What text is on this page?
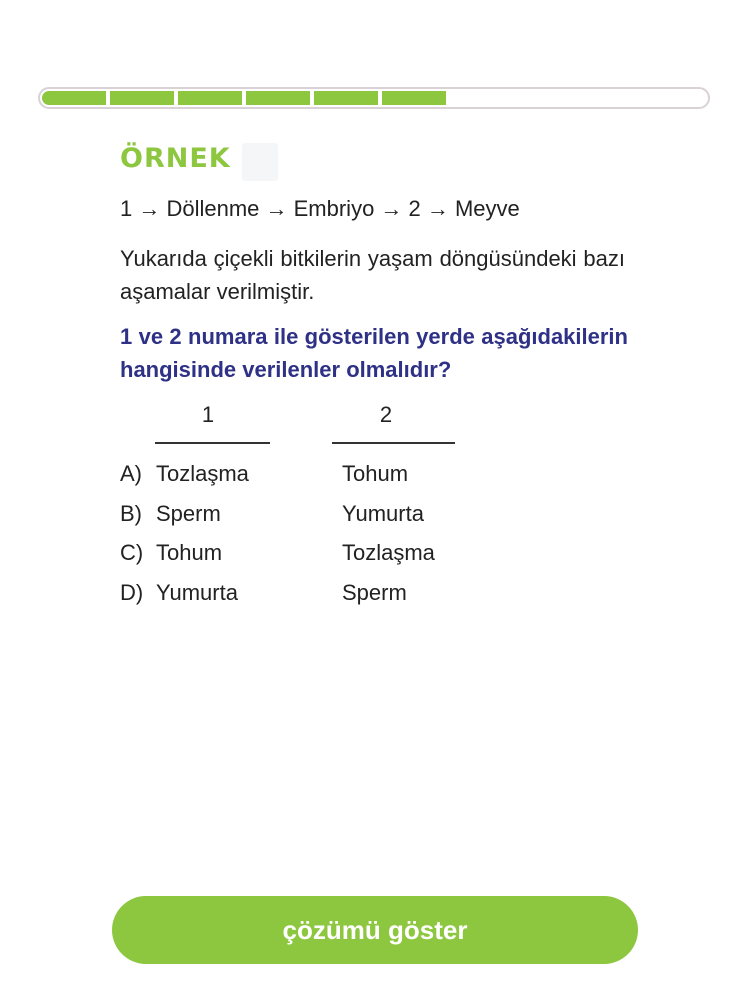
ÖRNEK
1 → Döllenme → Embriyo → 2 → Meyve
Yukarıda çiçekli bitkilerin yaşam döngüsündeki bazı aşamalar verilmiştir.
1 ve 2 numara ile gösterilen yerde aşağıdakilerin hangisinde verilenler olmalıdır?
1	2
A) Tozlaşma	Tohum
B) Sperm	Yumurta
C) Tohum	Tozlaşma
D) Yumurta	Sperm
çözümü göster
